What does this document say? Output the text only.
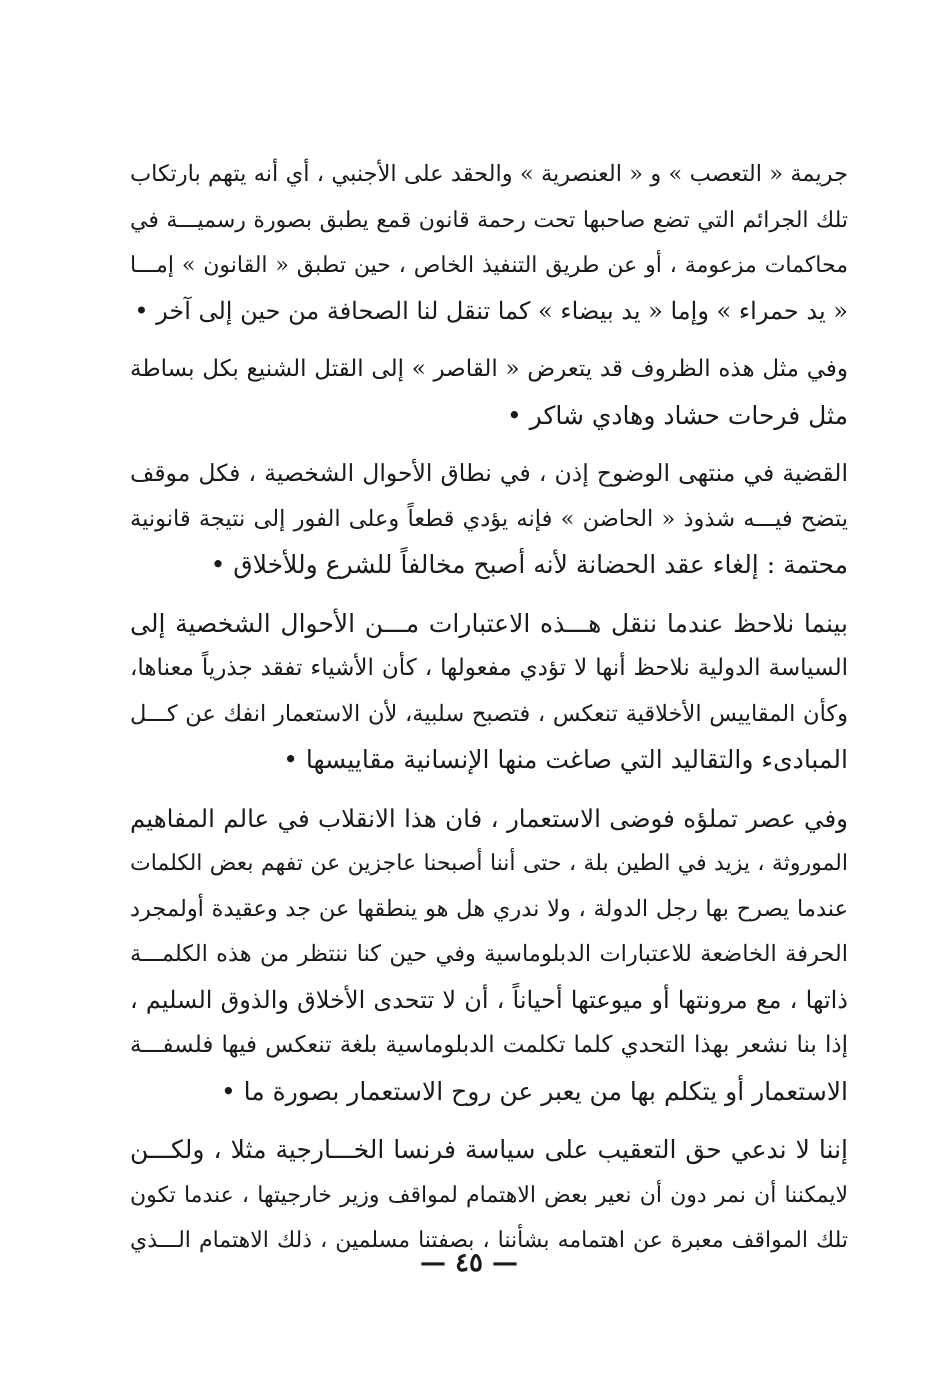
جريمة « التعصب » و « العنصرية » والحقد على الأجنبي ، أي أنه يتهم بارتكاب
تلك الجرائم التي تضع صاحبها تحت رحمة قانون قمع يطبق بصورة رسميـــة في
محاكمات مزعومة ، أو عن طريق التنفيذ الخاص ، حين تطبق « القانون » إمـــا
« يد حمراء » وإما « يد بيضاء » كما تنقل لنا الصحافة من حين إلى آخر •
وفي مثل هذه الظروف قد يتعرض « القاصر » إلى القتل الشنيع بكل بساطة
مثل فرحات حشاد وهادي شاكر •
القضية في منتهى الوضوح إذن ، في نطاق الأحوال الشخصية ، فكل موقف
يتضح فيـــه شذوذ « الحاضن » فإنه يؤدي قطعاً وعلى الفور إلى نتيجة قانونية
محتمة : إلغاء عقد الحضانة لأنه أصبح مخالفاً للشرع وللأخلاق •
بينما نلاحظ عندما ننقل هـــذه الاعتبارات مـــن الأحوال الشخصية إلى
السياسة الدولية نلاحظ أنها لا تؤدي مفعولها ، كأن الأشياء تفقد جذرياً معناها،
وكأن المقاييس الأخلاقية تنعكس ، فتصبح سلبية، لأن الاستعمار انفك عن كـــل
المبادىء والتقاليد التي صاغت منها الإنسانية مقاييسها •
وفي عصر تملؤه فوضى الاستعمار ، فان هذا الانقلاب في عالم المفاهيم
الموروثة ، يزيد في الطين بلة ، حتى أننا أصبحنا عاجزين عن تفهم بعض الكلمات
عندما يصرح بها رجل الدولة ، ولا ندري هل هو ينطقها عن جد وعقيدة أولمجرد
الحرفة الخاضعة للاعتبارات الدبلوماسية وفي حين كنا ننتظر من هذه الكلمـــة
ذاتها ، مع مرونتها أو ميوعتها أحياناً ، أن لا تتحدى الأخلاق والذوق السليم ،
إذا بنا نشعر بهذا التحدي كلما تكلمت الدبلوماسية بلغة تنعكس فيها فلسفـــة
الاستعمار أو يتكلم بها من يعبر عن روح الاستعمار بصورة ما •
إننا لا ندعي حق التعقيب على سياسة فرنسا الخـــارجية مثلا ، ولكـــن
لايمكننا أن نمر دون أن نعير بعض الاهتمام لمواقف وزير خارجيتها ، عندما تكون
تلك المواقف معبرة عن اهتمامه بشأننا ، بصفتنا مسلمين ، ذلك الاهتمام الـــذي
— ٤٥ —
